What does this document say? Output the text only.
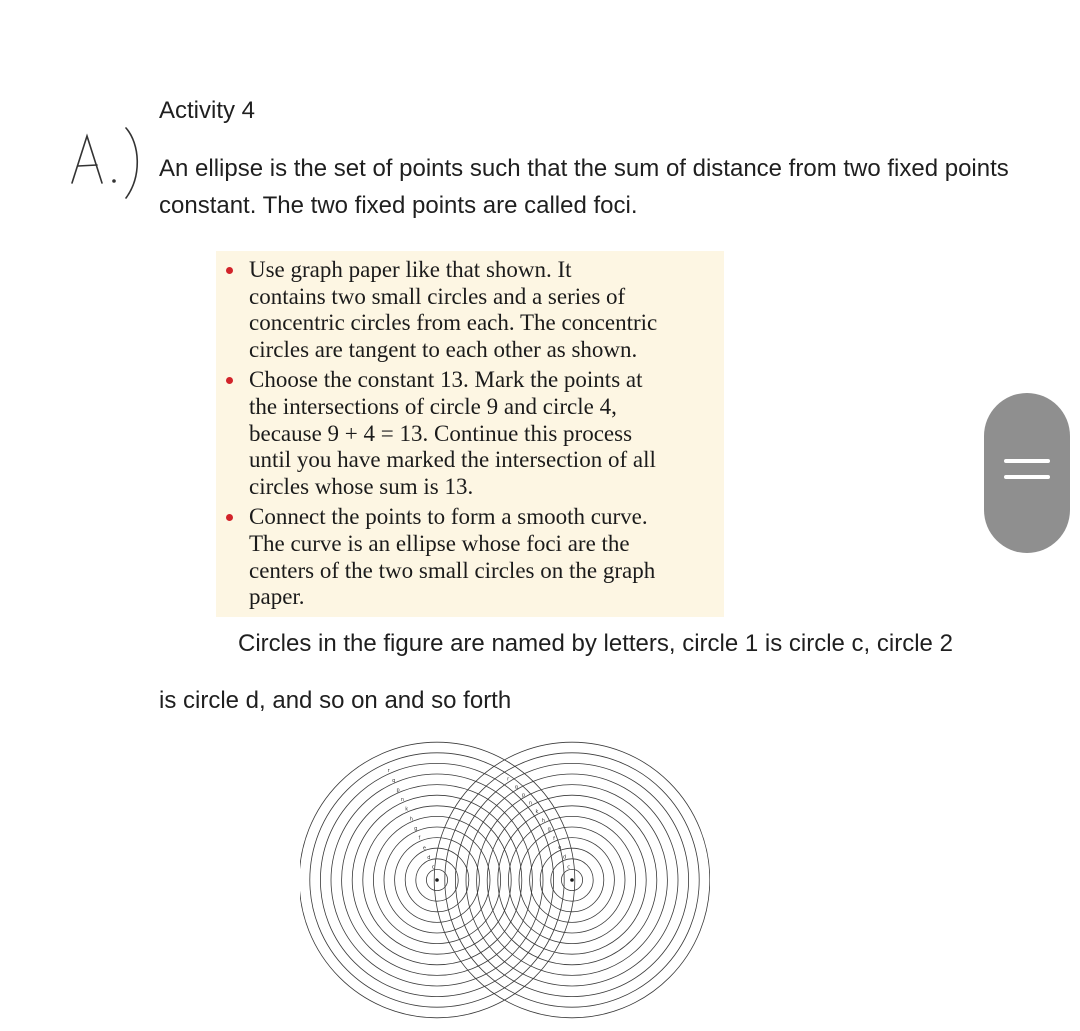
Activity 4
An ellipse is the set of points such that the sum of distance from two fixed points
constant. The two fixed points are called foci.
Use graph paper like that shown. It
contains two small circles and a series of
concentric circles from each. The concentric
circles are tangent to each other as shown.
Choose the constant 13. Mark the points at
the intersections of circle 9 and circle 4,
because 9 + 4 = 13. Continue this process
until you have marked the intersection of all
circles whose sum is 13.
Connect the points to form a smooth curve.
The curve is an ellipse whose foci are the
centers of the two small circles on the graph
paper.
Circles in the figure are named by letters, circle 1 is circle c, circle 2
is circle d, and so on and so forth
c
d
e
f
g
h
k
n
p
q
r
c
d
e
f
g
h
k
n
p
q
r
